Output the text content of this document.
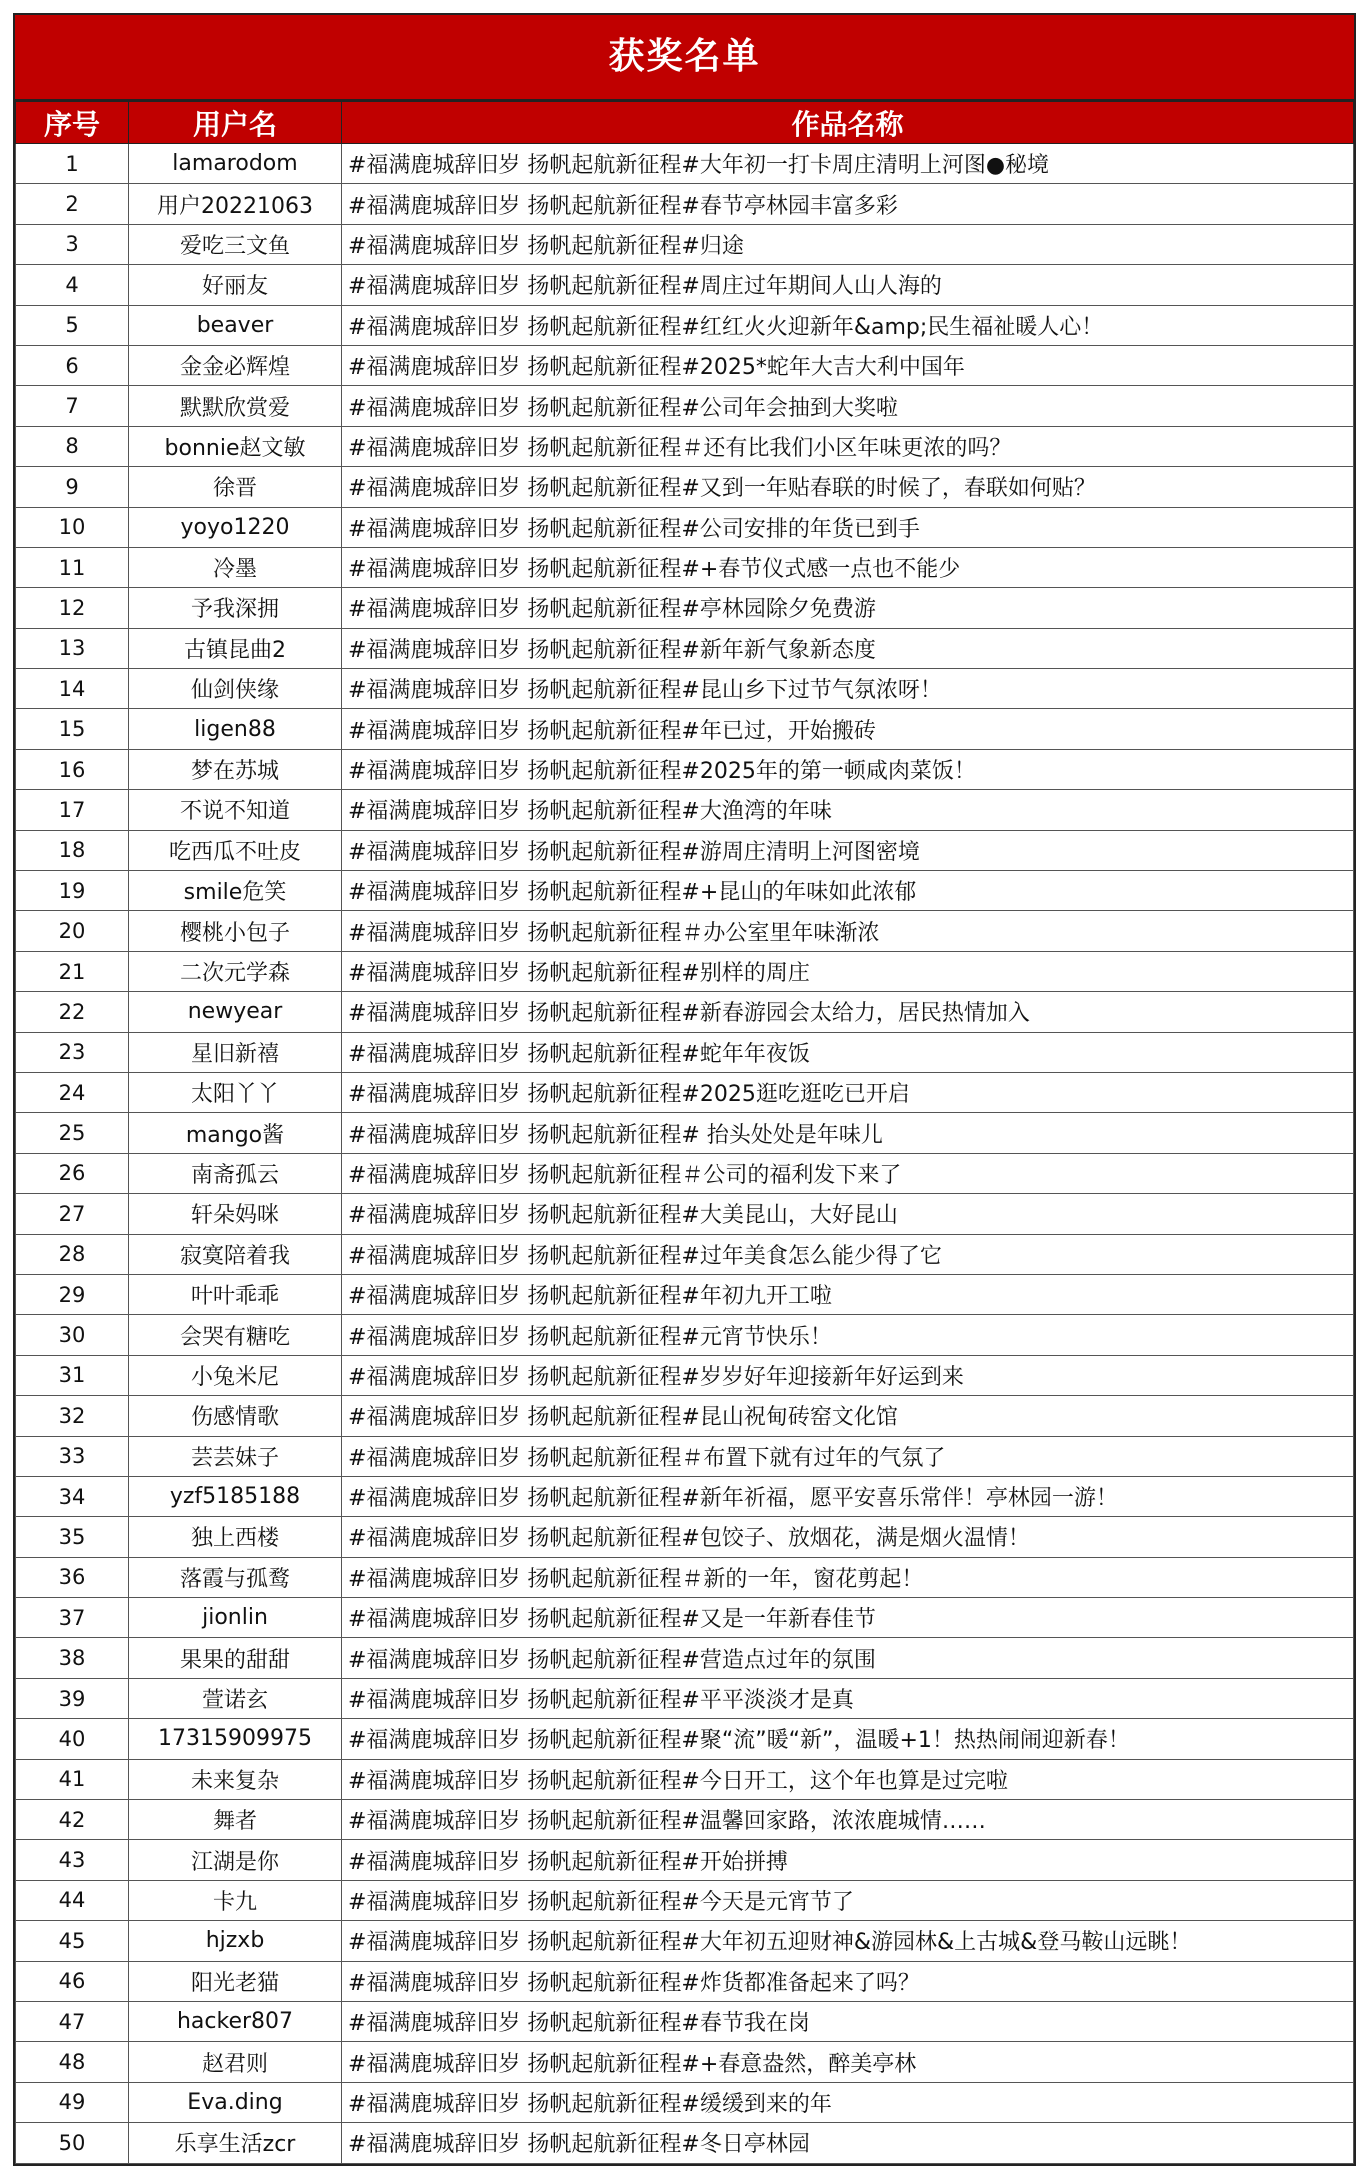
获奖名单
序号	用户名	作品名称
1	lamarodom	#福满鹿城辞旧岁 扬帆起航新征程#大年初一打卡周庄清明上河图●秘境
2	用户20221063	#福满鹿城辞旧岁 扬帆起航新征程#春节亭林园丰富多彩
3	爱吃三文鱼	#福满鹿城辞旧岁 扬帆起航新征程#归途
4	好丽友	#福满鹿城辞旧岁 扬帆起航新征程#周庄过年期间人山人海的
5	beaver	#福满鹿城辞旧岁 扬帆起航新征程#红红火火迎新年&amp;民生福祉暖人心！
6	金金必辉煌	#福满鹿城辞旧岁 扬帆起航新征程#2025*蛇年大吉大利中国年
7	默默欣赏爱	#福满鹿城辞旧岁 扬帆起航新征程#公司年会抽到大奖啦
8	bonnie赵文敏	#福满鹿城辞旧岁 扬帆起航新征程＃还有比我们小区年味更浓的吗？
9	徐晋	#福满鹿城辞旧岁 扬帆起航新征程#又到一年贴春联的时候了，春联如何贴？
10	yoyo1220	#福满鹿城辞旧岁 扬帆起航新征程#公司安排的年货已到手
11	冷墨	#福满鹿城辞旧岁 扬帆起航新征程#+春节仪式感一点也不能少
12	予我深拥	#福满鹿城辞旧岁 扬帆起航新征程#亭林园除夕免费游
13	古镇昆曲2	#福满鹿城辞旧岁 扬帆起航新征程#新年新气象新态度
14	仙剑侠缘	#福满鹿城辞旧岁 扬帆起航新征程#昆山乡下过节气氛浓呀！
15	ligen88	#福满鹿城辞旧岁 扬帆起航新征程#年已过，开始搬砖
16	梦在苏城	#福满鹿城辞旧岁 扬帆起航新征程#2025年的第一顿咸肉菜饭！
17	不说不知道	#福满鹿城辞旧岁 扬帆起航新征程#大渔湾的年味
18	吃西瓜不吐皮	#福满鹿城辞旧岁 扬帆起航新征程#游周庄清明上河图密境
19	smile危笑	#福满鹿城辞旧岁 扬帆起航新征程#+昆山的年味如此浓郁
20	樱桃小包子	#福满鹿城辞旧岁 扬帆起航新征程＃办公室里年味渐浓
21	二次元学森	#福满鹿城辞旧岁 扬帆起航新征程#别样的周庄
22	newyear	#福满鹿城辞旧岁 扬帆起航新征程#新春游园会太给力，居民热情加入
23	星旧新禧	#福满鹿城辞旧岁 扬帆起航新征程#蛇年年夜饭
24	太阳丫丫	#福满鹿城辞旧岁 扬帆起航新征程#2025逛吃逛吃已开启
25	mango酱	#福满鹿城辞旧岁 扬帆起航新征程# 抬头处处是年味儿
26	南斋孤云	#福满鹿城辞旧岁 扬帆起航新征程＃公司的福利发下来了
27	轩朵妈咪	#福满鹿城辞旧岁 扬帆起航新征程#大美昆山，大好昆山
28	寂寞陪着我	#福满鹿城辞旧岁 扬帆起航新征程#过年美食怎么能少得了它
29	叶叶乖乖	#福满鹿城辞旧岁 扬帆起航新征程#年初九开工啦
30	会哭有糖吃	#福满鹿城辞旧岁 扬帆起航新征程#元宵节快乐！
31	小兔米尼	#福满鹿城辞旧岁 扬帆起航新征程#岁岁好年迎接新年好运到来
32	伤感情歌	#福满鹿城辞旧岁 扬帆起航新征程#昆山祝甸砖窑文化馆
33	芸芸妹子	#福满鹿城辞旧岁 扬帆起航新征程＃布置下就有过年的气氛了
34	yzf5185188	#福满鹿城辞旧岁 扬帆起航新征程#新年祈福，愿平安喜乐常伴！亭林园一游！
35	独上西楼	#福满鹿城辞旧岁 扬帆起航新征程#包饺子、放烟花，满是烟火温情！
36	落霞与孤鹜	#福满鹿城辞旧岁 扬帆起航新征程＃新的一年，窗花剪起！
37	jionlin	#福满鹿城辞旧岁 扬帆起航新征程#又是一年新春佳节
38	果果的甜甜	#福满鹿城辞旧岁 扬帆起航新征程#营造点过年的氛围
39	萱诺玄	#福满鹿城辞旧岁 扬帆起航新征程#平平淡淡才是真
40	17315909975	#福满鹿城辞旧岁 扬帆起航新征程#聚“流”暖“新”，温暖+1！热热闹闹迎新春！
41	未来复杂	#福满鹿城辞旧岁 扬帆起航新征程#今日开工，这个年也算是过完啦
42	舞者	#福满鹿城辞旧岁 扬帆起航新征程#温馨回家路，浓浓鹿城情……
43	江湖是你	#福满鹿城辞旧岁 扬帆起航新征程#开始拼搏
44	卡九	#福满鹿城辞旧岁 扬帆起航新征程#今天是元宵节了
45	hjzxb	#福满鹿城辞旧岁 扬帆起航新征程#大年初五迎财神&游园林&上古城&登马鞍山远眺！
46	阳光老猫	#福满鹿城辞旧岁 扬帆起航新征程#炸货都准备起来了吗？
47	hacker807	#福满鹿城辞旧岁 扬帆起航新征程#春节我在岗
48	赵君则	#福满鹿城辞旧岁 扬帆起航新征程#+春意盎然，醉美亭林
49	Eva.ding	#福满鹿城辞旧岁 扬帆起航新征程#缓缓到来的年
50	乐享生活zcr	#福满鹿城辞旧岁 扬帆起航新征程#冬日亭林园
